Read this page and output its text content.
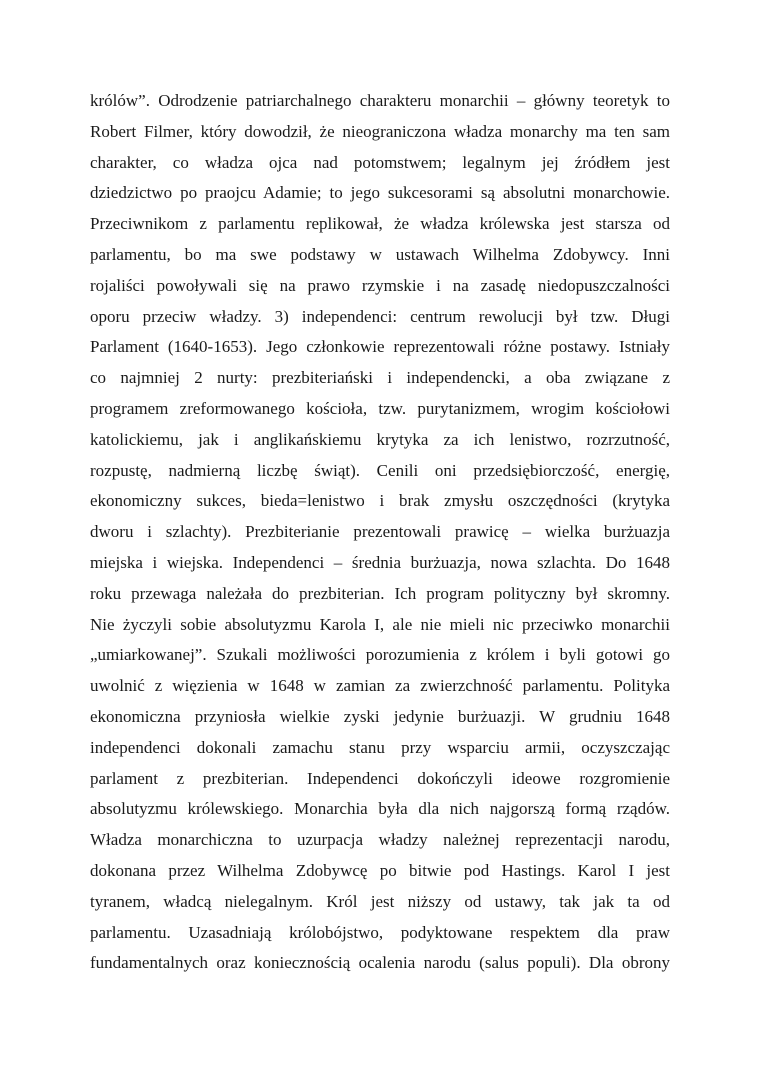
królów”. Odrodzenie patriarchalnego charakteru monarchii – główny teoretyk to
Robert Filmer, który dowodził, że nieograniczona władza monarchy ma ten sam
charakter, co władza ojca nad potomstwem; legalnym jej źródłem jest
dziedzictwo po praojcu Adamie; to jego sukcesorami są absolutni monarchowie.
Przeciwnikom z parlamentu replikował, że władza królewska jest starsza od
parlamentu, bo ma swe podstawy w ustawach Wilhelma Zdobywcy. Inni
rojaliści powoływali się na prawo rzymskie i na zasadę niedopuszczalności
oporu przeciw władzy. 3) independenci: centrum rewolucji był tzw. Długi
Parlament (1640-1653). Jego członkowie reprezentowali różne postawy. Istniały
co najmniej 2 nurty: prezbiteriański i independencki, a oba związane z
programem zreformowanego kościoła, tzw. purytanizmem, wrogim kościołowi
katolickiemu, jak i anglikańskiemu krytyka za ich lenistwo, rozrzutność,
rozpustę, nadmierną liczbę świąt). Cenili oni przedsiębiorczość, energię,
ekonomiczny sukces, bieda=lenistwo i brak zmysłu oszczędności (krytyka
dworu i szlachty). Prezbiterianie prezentowali prawicę – wielka burżuazja
miejska i wiejska. Independenci – średnia burżuazja, nowa szlachta. Do 1648
roku przewaga należała do prezbiterian. Ich program polityczny był skromny.
Nie życzyli sobie absolutyzmu Karola I, ale nie mieli nic przeciwko monarchii
„umiarkowanej”. Szukali możliwości porozumienia z królem i byli gotowi go
uwolnić z więzienia w 1648 w zamian za zwierzchność parlamentu. Polityka
ekonomiczna przyniosła wielkie zyski jedynie burżuazji. W grudniu 1648
independenci dokonali zamachu stanu przy wsparciu armii, oczyszczając
parlament z prezbiterian. Independenci dokończyli ideowe rozgromienie
absolutyzmu królewskiego. Monarchia była dla nich najgorszą formą rządów.
Władza monarchiczna to uzurpacja władzy należnej reprezentacji narodu,
dokonana przez Wilhelma Zdobywcę po bitwie pod Hastings. Karol I jest
tyranem, władcą nielegalnym. Król jest niższy od ustawy, tak jak ta od
parlamentu. Uzasadniają królobójstwo, podyktowane respektem dla praw
fundamentalnych oraz koniecznością ocalenia narodu (salus populi). Dla obrony
